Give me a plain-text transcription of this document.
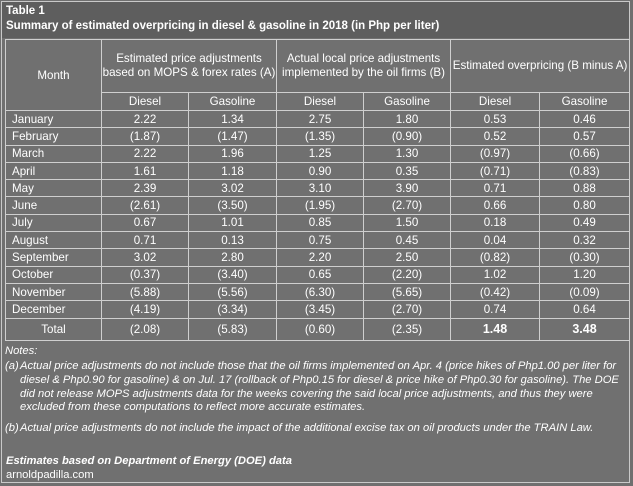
Table 1
Summary of estimated overpricing in diesel & gasoline in 2018 (in Php per liter)
Month	Estimated price adjustments based on MOPS & forex rates (A)		Actual local price adjustments implemented by the oil firms (B)		Estimated overpricing (B minus A)	

	Diesel	Gasoline	Diesel	Gasoline	Diesel	Gasoline
January	2.22	1.34	2.75	1.80	0.53	0.46
February	(1.87)	(1.47)	(1.35)	(0.90)	0.52	0.57
March	2.22	1.96	1.25	1.30	(0.97)	(0.66)
April	1.61	1.18	0.90	0.35	(0.71)	(0.83)
May	2.39	3.02	3.10	3.90	0.71	0.88
June	(2.61)	(3.50)	(1.95)	(2.70)	0.66	0.80
July	0.67	1.01	0.85	1.50	0.18	0.49
August	0.71	0.13	0.75	0.45	0.04	0.32
September	3.02	2.80	2.20	2.50	(0.82)	(0.30)
October	(0.37)	(3.40)	0.65	(2.20)	1.02	1.20
November	(5.88)	(5.56)	(6.30)	(5.65)	(0.42)	(0.09)
December	(4.19)	(3.34)	(3.45)	(2.70)	0.74	0.64
Total	(2.08)	(5.83)	(0.60)	(2.35)	1.48	3.48
Notes:
(a) Actual price adjustments do not include those that the oil firms implemented on Apr. 4 (price hikes of Php1.00 per liter for diesel & Php0.90 for gasoline) & on Jul. 17 (rollback of Php0.15 for diesel & price hike of Php0.30 for gasoline). The DOE did not release MOPS adjustments data for the weeks covering the said local price adjustments, and thus they were excluded from these computations to reflect more accurate estimates.
(b) Actual price adjustments do not include the impact of the additional excise tax on oil products under the TRAIN Law.
Estimates based on Department of Energy (DOE) data
arnoldpadilla.com
